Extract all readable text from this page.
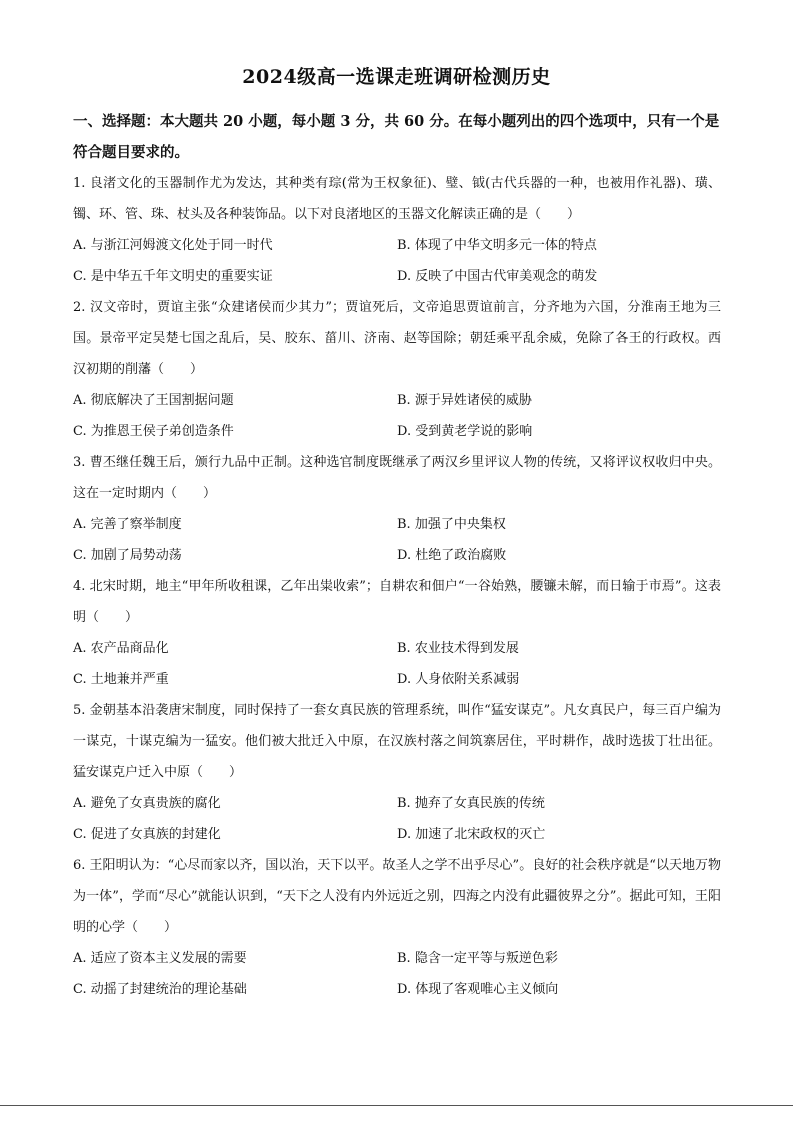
2024级高一选课走班调研检测历史
一、选择题：本大题共 20 小题，每小题 3 分，共 60 分。在每小题列出的四个选项中，只有一个是符合题目要求的。
1. 良渚文化的玉器制作尤为发达，其种类有琮(常为王权象征)、璧、钺(古代兵器的一种，也被用作礼器)、璜、镯、环、管、珠、杖头及各种装饰品。以下对良渚地区的玉器文化解读正确的是（　　）
A. 与浙江河姆渡文化处于同一时代	B. 体现了中华文明多元一体的特点
C. 是中华五千年文明史的重要实证	D. 反映了中国古代审美观念的萌发
2. 汉文帝时，贾谊主张“众建诸侯而少其力”；贾谊死后，文帝追思贾谊前言，分齐地为六国，分淮南王地为三国。景帝平定吴楚七国之乱后，吴、胶东、菑川、济南、赵等国除；朝廷乘平乱余威，免除了各王的行政权。西汉初期的削藩（　　）
A. 彻底解决了王国割据问题	B. 源于异姓诸侯的威胁
C. 为推恩王侯子弟创造条件	D. 受到黄老学说的影响
3. 曹丕继任魏王后，颁行九品中正制。这种选官制度既继承了两汉乡里评议人物的传统，又将评议权收归中央。这在一定时期内（　　）
A. 完善了察举制度	B. 加强了中央集权
C. 加剧了局势动荡	D. 杜绝了政治腐败
4. 北宋时期，地主“甲年所收租课，乙年出粜收索”；自耕农和佃户“一谷始熟，腰镰未解，而日输于市焉”。这表明（　　）
A. 农产品商品化	B. 农业技术得到发展
C. 土地兼并严重	D. 人身依附关系减弱
5. 金朝基本沿袭唐宋制度，同时保持了一套女真民族的管理系统，叫作“猛安谋克”。凡女真民户，每三百户编为一谋克，十谋克编为一猛安。他们被大批迁入中原，在汉族村落之间筑寨居住，平时耕作，战时选拔丁壮出征。猛安谋克户迁入中原（　　）
A. 避免了女真贵族的腐化	B. 抛弃了女真民族的传统
C. 促进了女真族的封建化	D. 加速了北宋政权的灭亡
6. 王阳明认为：“心尽而家以齐，国以治，天下以平。故圣人之学不出乎尽心”。良好的社会秩序就是“以天地万物为一体”，学而“尽心”就能认识到，“天下之人没有内外远近之别，四海之内没有此疆彼界之分”。据此可知，王阳明的心学（　　）
A. 适应了资本主义发展的需要	B. 隐含一定平等与叛逆色彩
C. 动摇了封建统治的理论基础	D. 体现了客观唯心主义倾向
